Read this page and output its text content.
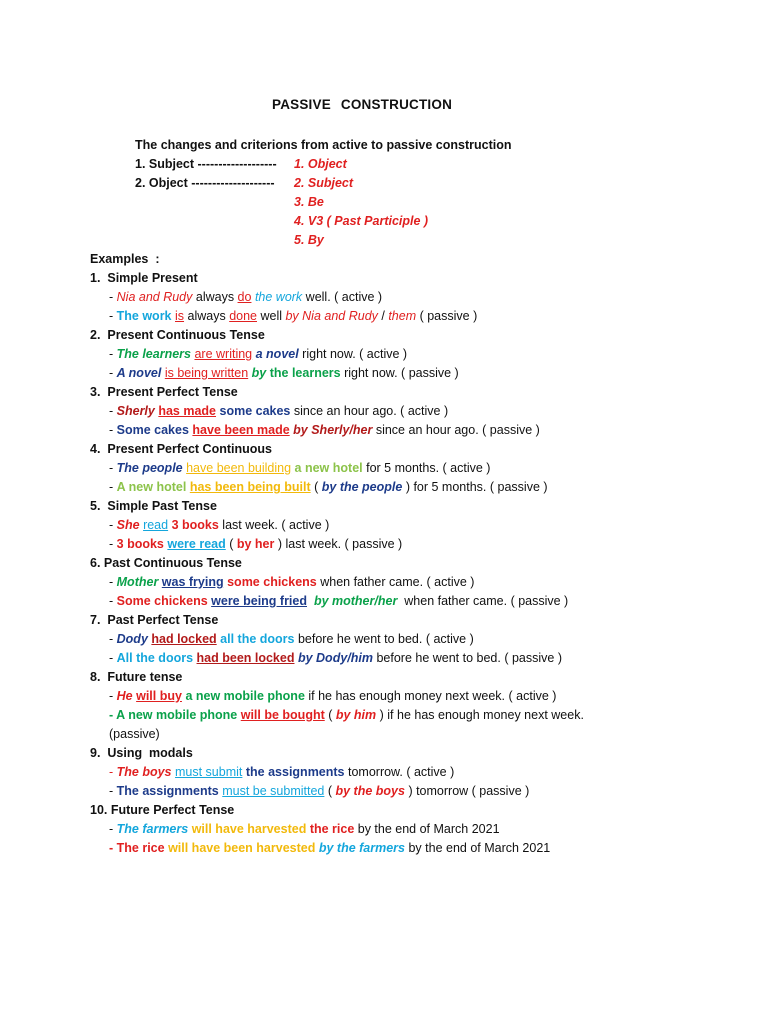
PASSIVE CONSTRUCTION
The changes and criterions from active to passive construction
1. Subject ------------------- 1. Object
2. Object -------------------- 2. Subject
3. Be
4. V3 ( Past Participle )
5. By
Examples  :
1.  Simple Present
- Nia and Rudy always do the work well. ( active )
- The work is always done well by Nia and Rudy / them ( passive )
2.  Present Continuous Tense
- The learners are writing a novel right now. ( active )
- A novel is being written by the learners right now. ( passive )
3.  Present Perfect Tense
- Sherly has made some cakes since an hour ago. ( active )
- Some cakes have been made by Sherly/her since an hour ago. ( passive )
4.  Present Perfect Continuous
- The people have been building a new hotel for 5 months. ( active )
- A new hotel has been being built ( by the people ) for 5 months. ( passive )
5.  Simple Past Tense
- She read 3 books last week. ( active )
- 3 books were read ( by her ) last week. ( passive )
6. Past Continuous Tense
- Mother was frying some chickens when father came. ( active )
- Some chickens were being fried by mother/her  when father came. ( passive )
7.  Past Perfect Tense
- Dody had locked all the doors before he went to bed. ( active )
- All the doors had been locked by Dody/him before he went to bed. ( passive )
8.  Future tense
- He will buy a new mobile phone if he has enough money next week. ( active )
- A new mobile phone will be bought ( by him ) if he has enough money next week.
(passive)
9.  Using  modals
- The boys must submit the assignments tomorrow. ( active )
- The assignments must be submitted ( by the boys ) tomorrow ( passive )
10. Future Perfect Tense
- The farmers will have harvested the rice by the end of March 2021
- The rice will have been harvested by the farmers by the end of March 2021
